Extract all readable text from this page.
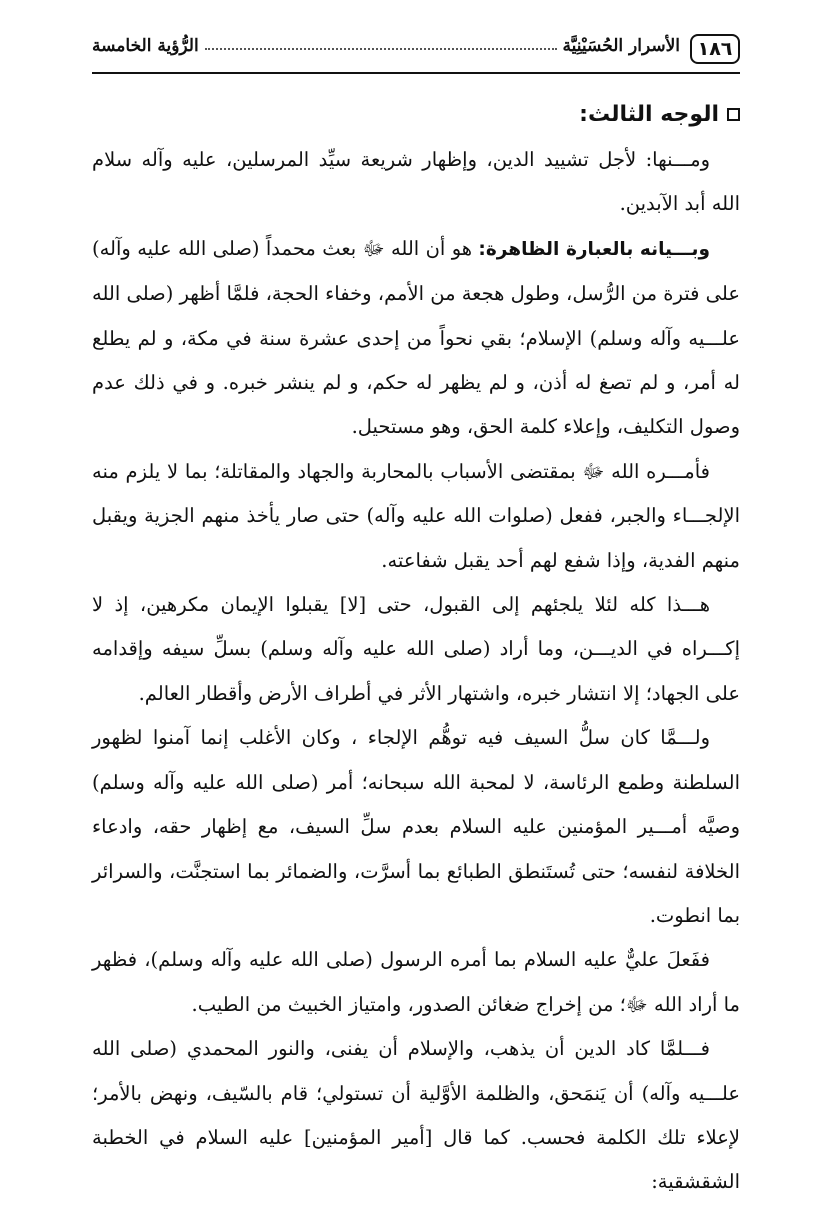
١٨٦
الأسرار الحُسَيْنِيَّة
الرُّؤية الخامسة
الوجه الثالث:

ومـــنها: لأجل تشييد الدين، وإظهار شريعة سيِّد المرسلين، عليه وآله سلام الله أبد الآبدين.

وبـــيانه بالعبارة الظاهرة: هو أن الله ﷻ بعث محمداً (صلى الله عليه وآله) على فترة من الرُّسل، وطول هجعة من الأمم، وخفاء الحجة، فلمَّا أظهر (صلى الله علـــيه وآله وسلم) الإسلام؛ بقي نحواً من إحدى عشرة سنة في مكة، و لم يطلع له أمر، و لم تصغ له أذن، و لم يظهر له حكم، و لم ينشر خبره. و في ذلك عدم وصول التكليف، وإعلاء كلمة الحق، وهو مستحيل.

فأمـــره الله ﷻ بمقتضى الأسباب بالمحاربة والجهاد والمقاتلة؛ بما لا يلزم منه الإلجـــاء والجبر، ففعل (صلوات الله عليه وآله) حتى صار يأخذ منهم الجزية ويقبل منهم الفدية، وإذا شفع لهم أحد يقبل شفاعته.

هـــذا كله لئلا يلجئهم إلى القبول، حتى [لا] يقبلوا الإيمان مكرهين، إذ لا إكـــراه في الديـــن، وما أراد (صلى الله عليه وآله وسلم) بسلِّ سيفه وإقدامه على الجهاد؛ إلا انتشار خبره، واشتهار الأثر في أطراف الأرض وأقطار العالم.

ولـــمَّا كان سلُّ السيف فيه توهُّم الإلجاء ، وكان الأغلب إنما آمنوا لظهور السلطنة وطمع الرئاسة، لا لمحبة الله سبحانه؛ أمر (صلى الله عليه وآله وسلم) وصيَّه أمـــير المؤمنين عليه السلام بعدم سلِّ السيف، مع إظهار حقه، وادعاء الخلافة لنفسه؛ حتى تُستَنطق الطبائع بما أسرَّت، والضمائر بما استجنَّت، والسرائر بما انطوت.

ففَعلَ عليٌّ عليه السلام بما أمره الرسول (صلى الله عليه وآله وسلم)، فظهر ما أراد الله ﷻ؛ من إخراج ضغائن الصدور، وامتياز الخبيث من الطيب.

فـــلمَّا كاد الدين أن يذهب، والإسلام أن يفنى، والنور المحمدي (صلى الله علـــيه وآله) أن يَنمَحق، والظلمة الأوَّلية أن تستولي؛ قام بالسّيف، ونهض بالأمر؛ لإعلاء تلك الكلمة فحسب. كما قال [أمير المؤمنين] عليه السلام في الخطبة الشقشقية:
